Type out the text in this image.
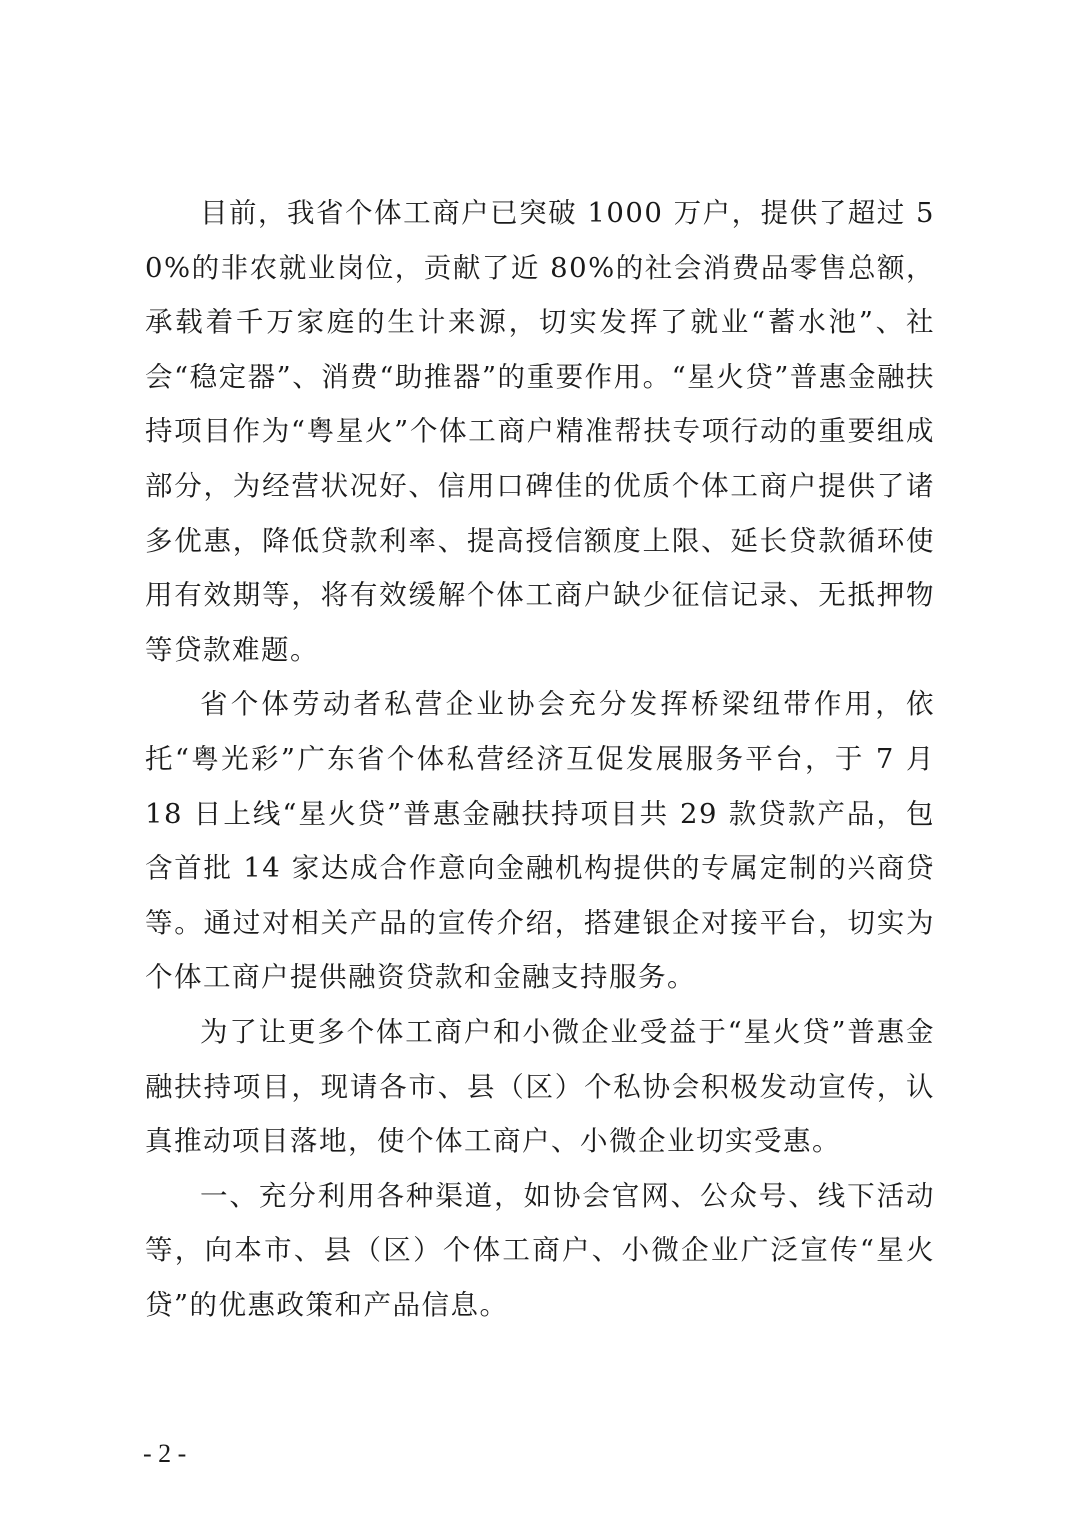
目前，我省个体工商户已突破 1000 万户，提供了超过 50%的非农就业岗位，贡献了近 80%的社会消费品零售总额，承载着千万家庭的生计来源，切实发挥了就业“蓄水池”、社会“稳定器”、消费“助推器”的重要作用。“星火贷”普惠金融扶持项目作为“粤星火”个体工商户精准帮扶专项行动的重要组成部分，为经营状况好、信用口碑佳的优质个体工商户提供了诸多优惠，降低贷款利率、提高授信额度上限、延长贷款循环使用有效期等，将有效缓解个体工商户缺少征信记录、无抵押物等贷款难题。

省个体劳动者私营企业协会充分发挥桥梁纽带作用，依托“粤光彩”广东省个体私营经济互促发展服务平台，于 7 月 18 日上线“星火贷”普惠金融扶持项目共 29 款贷款产品，包含首批 14 家达成合作意向金融机构提供的专属定制的兴商贷等。通过对相关产品的宣传介绍，搭建银企对接平台，切实为个体工商户提供融资贷款和金融支持服务。

为了让更多个体工商户和小微企业受益于“星火贷”普惠金融扶持项目，现请各市、县（区）个私协会积极发动宣传，认真推动项目落地，使个体工商户、小微企业切实受惠。

一、充分利用各种渠道，如协会官网、公众号、线下活动等，向本市、县（区）个体工商户、小微企业广泛宣传“星火贷”的优惠政策和产品信息。

- 2 -
